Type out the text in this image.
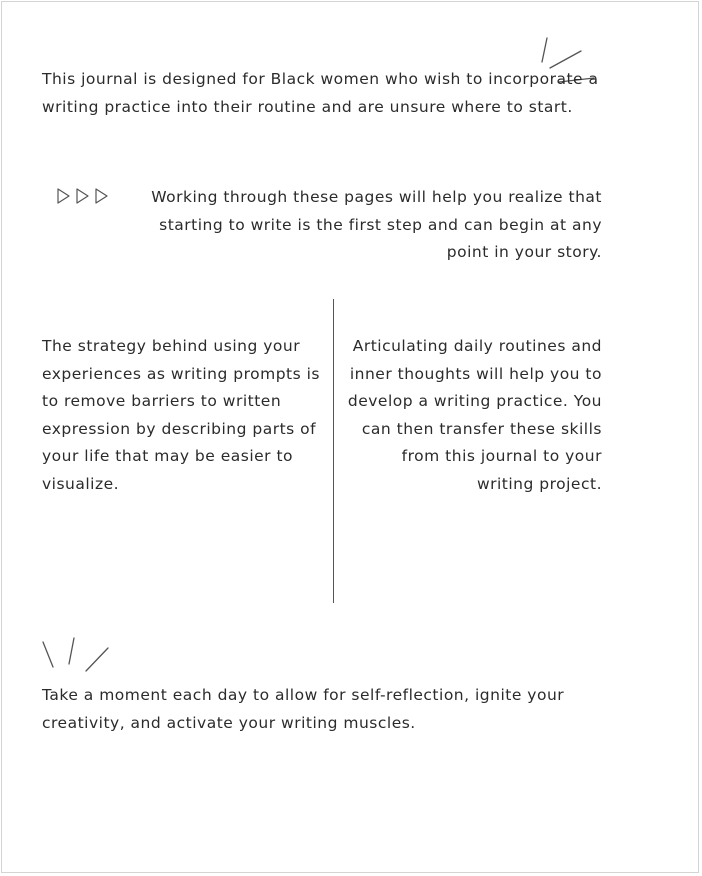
This journal is designed for Black women who wish to incorporate a writing practice into their routine and are unsure where to start.

Working through these pages will help you realize that starting to write is the first step and can begin at any point in your story.

The strategy behind using your experiences as writing prompts is to remove barriers to written expression by describing parts of your life that may be easier to visualize.

Articulating daily routines and inner thoughts will help you to develop a writing practice. You can then transfer these skills from this journal to your writing project.

Take a moment each day to allow for self-reflection, ignite your creativity, and activate your writing muscles.
